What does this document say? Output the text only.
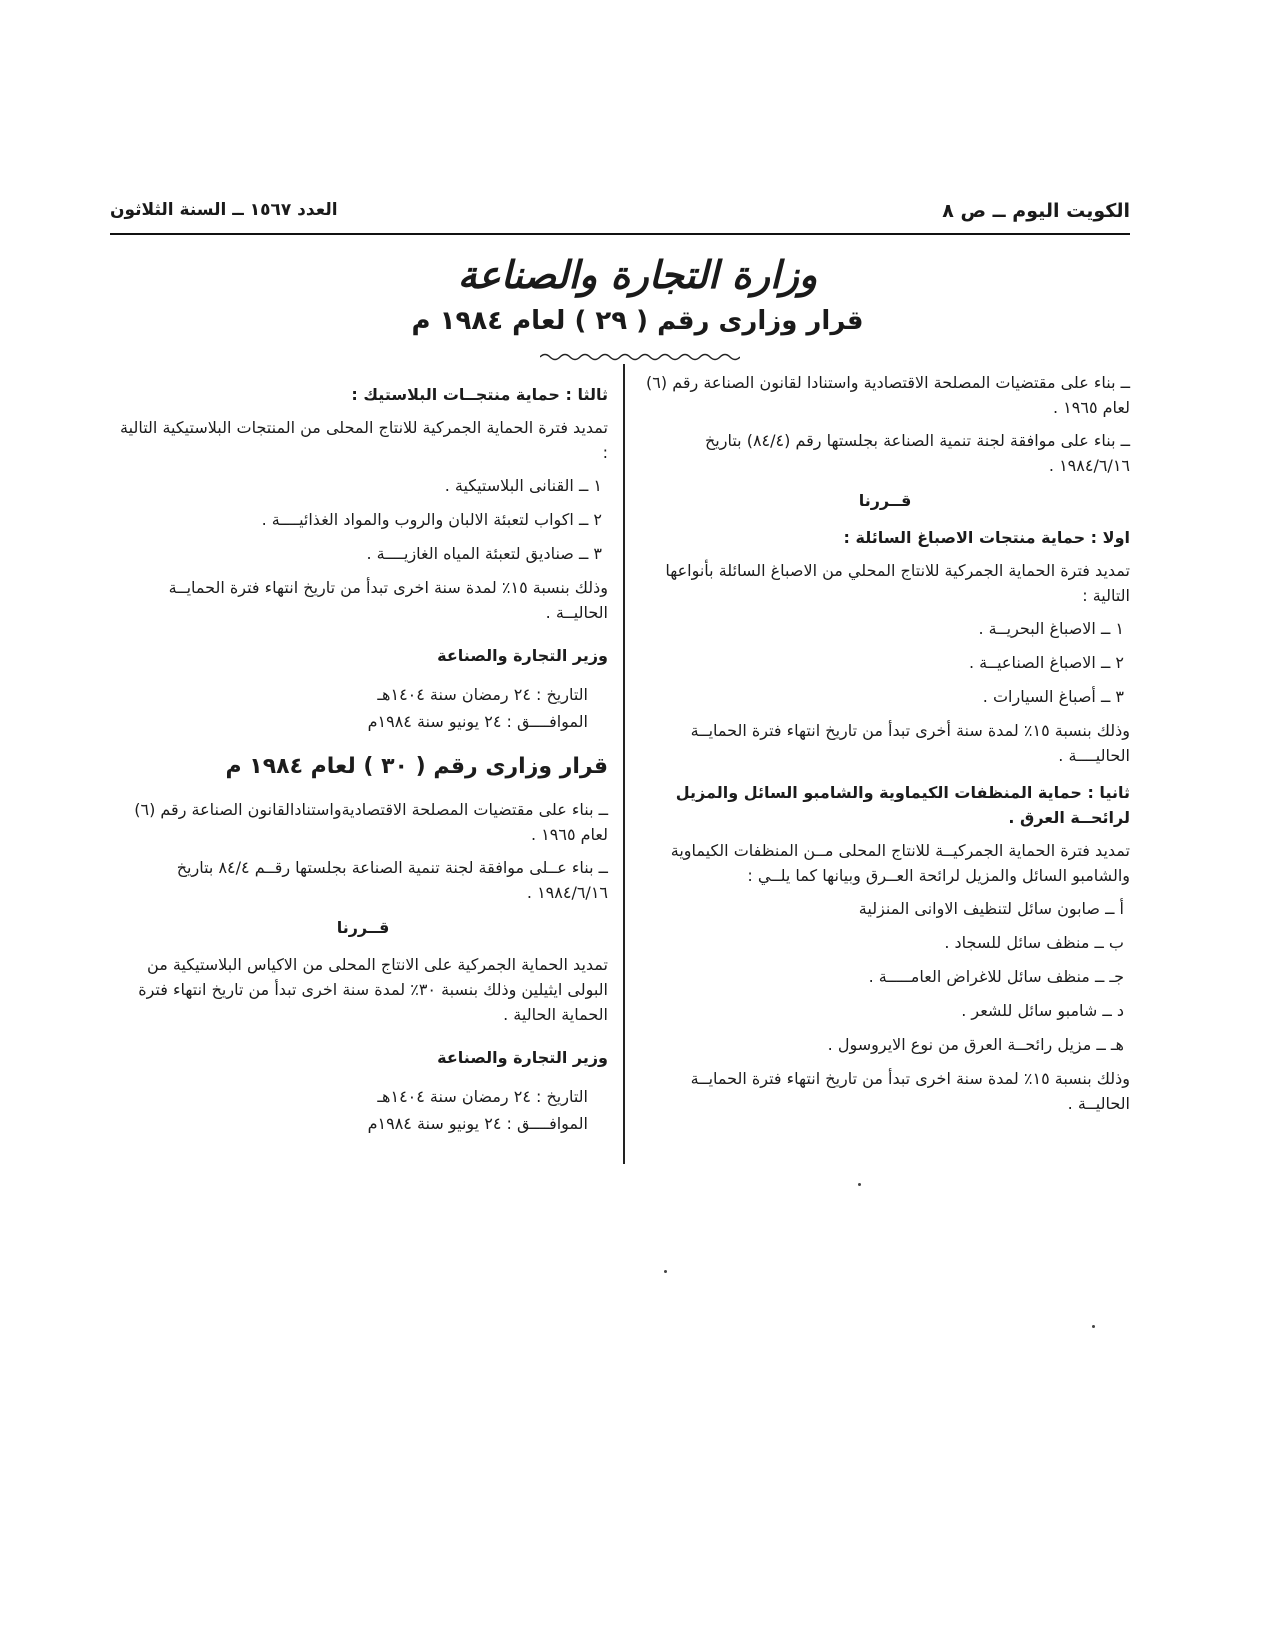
الكويت اليوم ــ ص ٨
العدد ١٥٦٧ ــ السنة الثلاثون
وزارة التجارة والصناعة
قرار وزارى رقم ( ٢٩ ) لعام ١٩٨٤ م

ــ بناء على مقتضيات المصلحة الاقتصادية واستنادا لقانون الصناعة رقم (٦) لعام ١٩٦٥ .

ــ بناء على موافقة لجنة تنمية الصناعة بجلستها رقم (٨٤/٤) بتاريخ ١٩٨٤/٦/١٦ .

قــررنا

اولا : حماية منتجات الاصباغ السائلة :

تمديد فترة الحماية الجمركية للانتاج المحلي من الاصباغ السائلة بأنواعها التالية :

١ ــ الاصباغ البحريــة .

٢ ــ الاصباغ الصناعيــة .

٣ ــ أصباغ السيارات .

وذلك بنسبة ١٥٪ لمدة سنة أخرى تبدأ من تاريخ انتهاء فترة الحمايــة الحاليــــة .

ثانيا : حماية المنظفات الكيماوية والشامبو السائل والمزيل لرائحــة العرق .

تمديد فترة الحماية الجمركيــة للانتاج المحلى مــن المنظفات الكيماوية والشامبو السائل والمزيل لرائحة العــرق وبيانها كما يلــي :

أ ــ صابون سائل لتنظيف الاوانى المنزلية

ب ــ منظف سائل للسجاد .

جـ ــ منظف سائل للاغراض العامـــــة .

د ــ شامبو سائل للشعر .

هـ ــ مزيل رائحــة العرق من نوع الايروسول .

وذلك بنسبة ١٥٪ لمدة سنة اخرى تبدأ من تاريخ انتهاء فترة الحمايــة الحاليــة .

ثالثا : حماية منتجــات البلاستيك :

تمديد فترة الحماية الجمركية للانتاج المحلى من المنتجات البلاستيكية التالية :

١ ــ القنانى البلاستيكية .

٢ ــ اكواب لتعبئة الالبان والروب والمواد الغذائيــــة .

٣ ــ صناديق لتعبئة المياه الغازيــــة .

وذلك بنسبة ١٥٪ لمدة سنة اخرى تبدأ من تاريخ انتهاء فترة الحمايــة الحاليــة .

وزير التجارة والصناعة

التاريخ : ٢٤ رمضان سنة ١٤٠٤هـ

الموافــــق : ٢٤ يونيو سنة ١٩٨٤م

قرار وزارى رقم ( ٣٠ ) لعام ١٩٨٤ م

ــ بناء على مقتضيات المصلحة الاقتصاديةواستنادالقانون الصناعة رقم (٦) لعام ١٩٦٥ .

ــ بناء عــلى موافقة لجنة تنمية الصناعة بجلستها رقــم ٨٤/٤ بتاريخ ١٩٨٤/٦/١٦ .

قــررنا

تمديد الحماية الجمركية على الانتاج المحلى من الاكياس البلاستيكية من البولى ايثيلين وذلك بنسبة ٣٠٪ لمدة سنة اخرى تبدأ من تاريخ انتهاء فترة الحماية الحالية .

وزير التجارة والصناعة

التاريخ : ٢٤ رمضان سنة ١٤٠٤هـ

الموافــــق : ٢٤ يونيو سنة ١٩٨٤م
